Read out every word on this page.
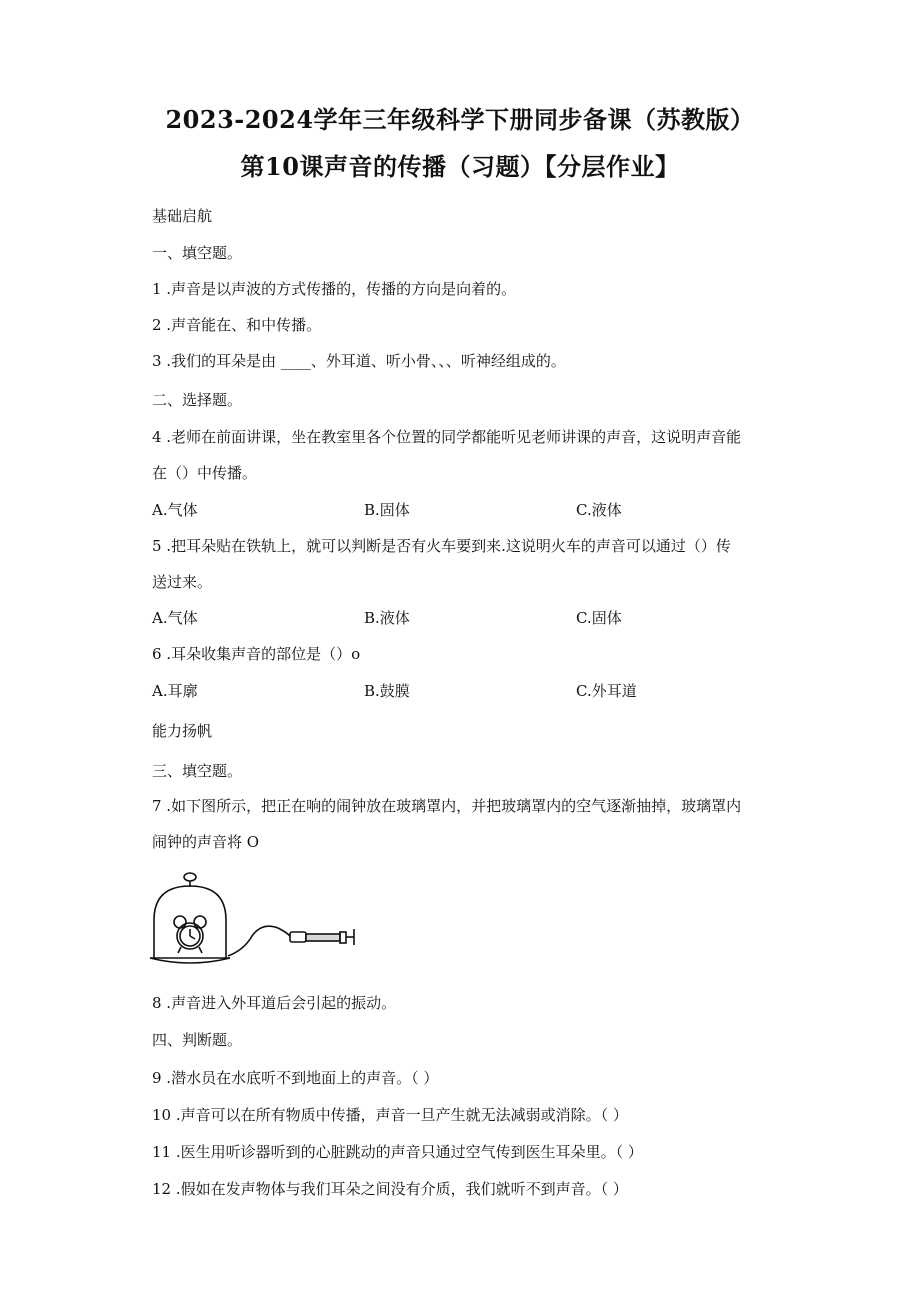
2023-2024学年三年级科学下册同步备课（苏教版）
第10课声音的传播（习题）【分层作业】
基础启航
一、填空题。
1 .声音是以声波的方式传播的，传播的方向是向着的。
2 .声音能在、和中传播。
3 .我们的耳朵是由 ____、外耳道、听小骨、、、听神经组成的。
二、选择题。
4 .老师在前面讲课，坐在教室里各个位置的同学都能听见老师讲课的声音，这说明声音能
在（）中传播。
A.气体	B.固体	C.液体
5 .把耳朵贴在铁轨上，就可以判断是否有火车要到来.这说明火车的声音可以通过（）传
送过来。
A.气体	B.液体	C.固体
6 .耳朵收集声音的部位是（）o
A.耳廓	B.鼓膜	C.外耳道
能力扬帆
三、填空题。
7 .如下图所示，把正在响的闹钟放在玻璃罩内，并把玻璃罩内的空气逐渐抽掉，玻璃罩内
闹钟的声音将 O
8 .声音进入外耳道后会引起的振动。
四、判断题。
9 .潜水员在水底听不到地面上的声音。（ ）
10 .声音可以在所有物质中传播，声音一旦产生就无法减弱或消除。（ ）
11 .医生用听诊器听到的心脏跳动的声音只通过空气传到医生耳朵里。（ ）
12 .假如在发声物体与我们耳朵之间没有介质，我们就听不到声音。（ ）
